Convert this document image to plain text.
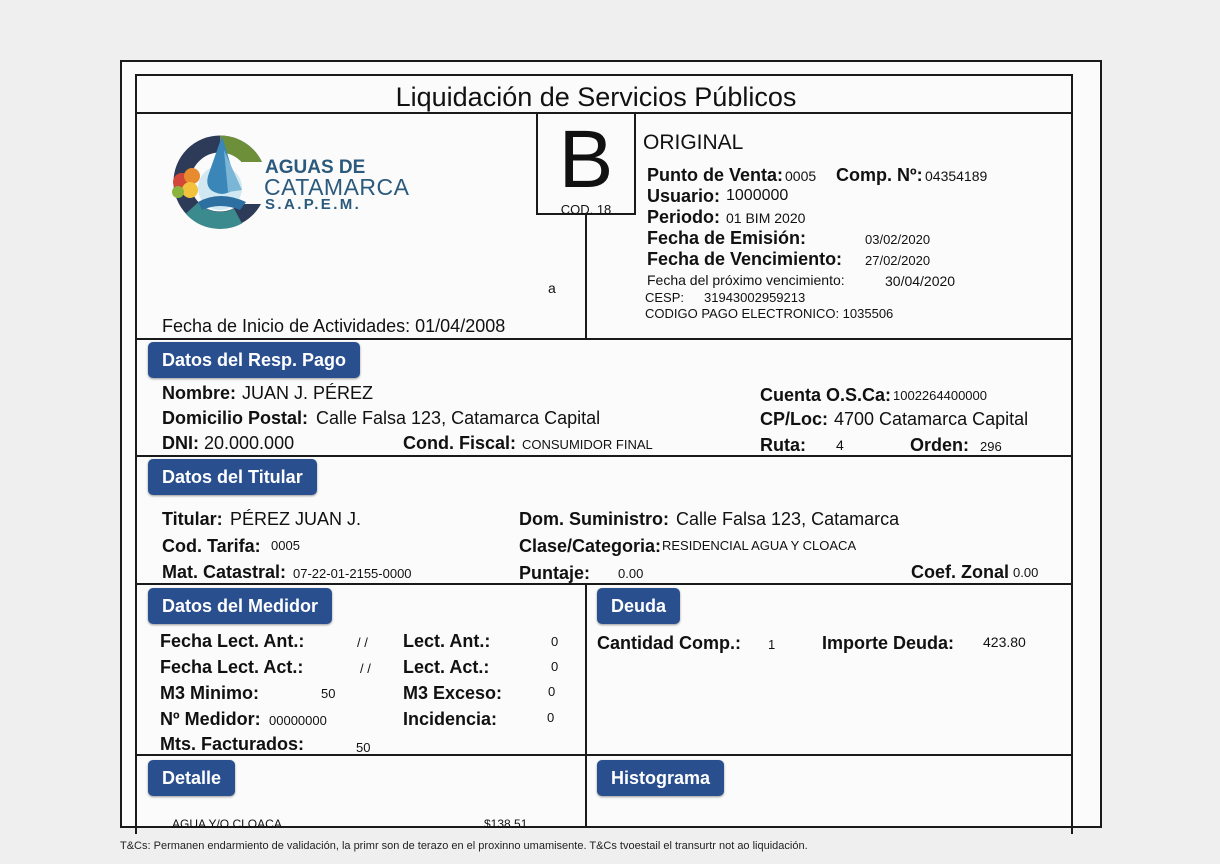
Liquidación de Servicios Públicos
AGUAS DE
CATAMARCA
S.A.P.E.M. B
COD. 18
a
Fecha de Inicio de Actividades: 01/04/2008
ORIGINAL
Punto de Venta: 0005 Comp. Nº: 04354189
Usuario: 1000000
Periodo: 01 BIM 2020
Fecha de Emisión:	03/02/2020
Fecha de Vencimiento: 27/02/2020
Fecha del próximo vencimiento:	30/04/2020
CESP: 31943002959213
CODIGO PAGO ELECTRONICO: 1035506
Datos del Resp. Pago
Nombre: JUAN J. PÉREZ
Domicilio Postal: Calle Falsa 123, Catamarca Capital
DNI: 20.000.000	Cond. Fiscal: CONSUMIDOR FINAL
Cuenta O.S.Ca: 1002264400000
CP/Loc: 4700 Catamarca Capital
Ruta: 4	Orden: 296
Datos del Titular
Titular: PÉREZ JUAN J.
Cod. Tarifa: 0005
Mat. Catastral: 07-22-01-2155-0000
Dom. Suministro: Calle Falsa 123, Catamarca
Clase/Categoria: RESIDENCIAL AGUA Y CLOACA
Puntaje: 0.00	Coef. Zonal 0.00
Datos del Medidor
Fecha Lect. Ant.:	/ /
Fecha Lect. Act.:	/ /
M3 Minimo:	50
Nº Medidor: 00000000
Mts. Facturados:	50
Lect. Ant.:	0
Lect. Act.:	0
M3 Exceso:	0
Incidencia:	0
Deuda
Cantidad Comp.: 1	Importe Deuda: 423.80
Detalle
AGUA Y/O CLOACA	$138.51
Histograma
T&Cs: Permanen endarmiento de validación, la primr son de terazo en el proxinno umamisente. T&Cs tvoestail el transurtr not ao liquidación.
